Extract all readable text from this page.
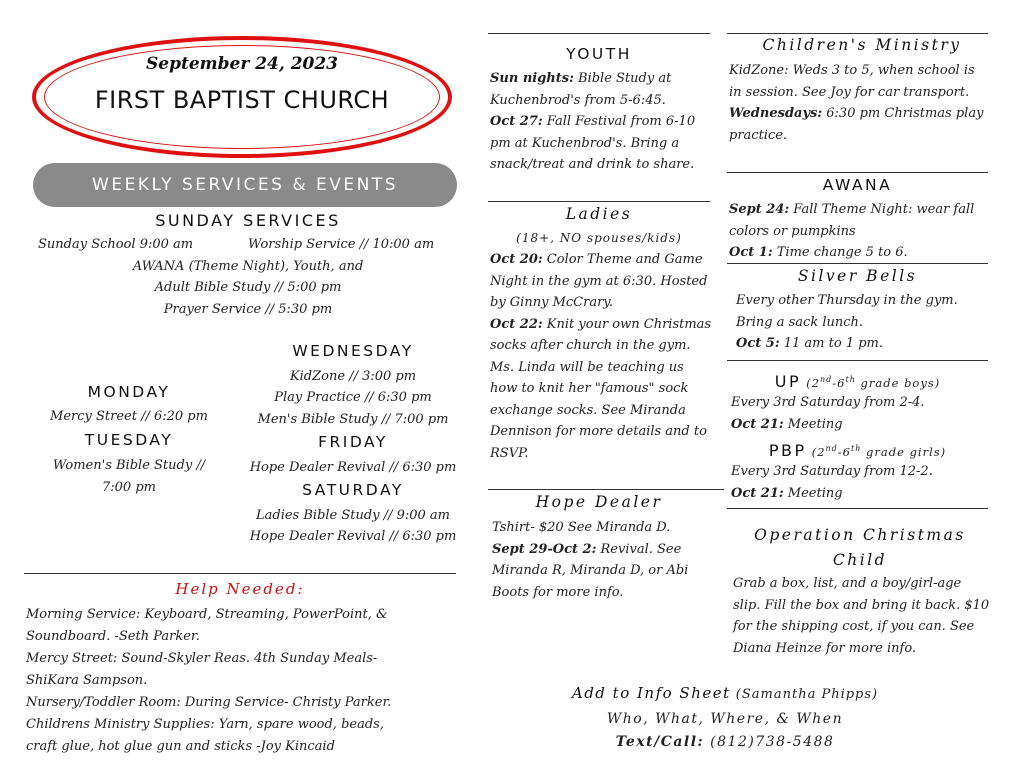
September 24, 2023
FIRST BAPTIST CHURCH
WEEKLY SERVICES & EVENTS
SUNDAY SERVICES
Sunday School 9:00 am	Worship Service // 10:00 am
AWANA (Theme Night), Youth, and
Adult Bible Study // 5:00 pm
Prayer Service // 5:30 pm
MONDAY
Mercy Street // 6:20 pm
TUESDAY
Women's Bible Study //
7:00 pm
WEDNESDAY
KidZone // 3:00 pm
Play Practice // 6:30 pm
Men's Bible Study // 7:00 pm
FRIDAY
Hope Dealer Revival // 6:30 pm
SATURDAY
Ladies Bible Study // 9:00 am
Hope Dealer Revival // 6:30 pm
Help Needed:
Morning Service: Keyboard, Streaming, PowerPoint, &
Soundboard. -Seth Parker.
Mercy Street: Sound-Skyler Reas. 4th Sunday Meals-
ShiKara Sampson.
Nursery/Toddler Room: During Service- Christy Parker.
Childrens Ministry Supplies: Yarn, spare wood, beads,
craft glue, hot glue gun and sticks -Joy Kincaid
YOUTH

Sun nights: Bible Study at Kuchenbrod's from 5-6:45.

Oct 27: Fall Festival from 6-10 pm at Kuchenbrod's. Bring a snack/treat and drink to share.

Ladies
(18+, NO spouses/kids)

Oct 20: Color Theme and Game Night in the gym at 6:30. Hosted by Ginny McCrary.

Oct 22: Knit your own Christmas socks after church in the gym. Ms. Linda will be teaching us how to knit her "famous" sock exchange socks. See Miranda Dennison for more details and to RSVP.

Hope Dealer

Tshirt- $20 See Miranda D.

Sept 29-Oct 2: Revival. See Miranda R, Miranda D, or Abi Boots for more info.

Children's Ministry

KidZone: Weds 3 to 5, when school is in session. See Joy for car transport.

Wednesdays: 6:30 pm Christmas play practice.

AWANA

Sept 24: Fall Theme Night: wear fall colors or pumpkins

Oct 1: Time change 5 to 6.

Silver Bells

Every other Thursday in the gym. Bring a sack lunch.

Oct 5: 11 am to 1 pm.

UP (2nd-6th grade boys)

Every 3rd Saturday from 2-4.

Oct 21: Meeting

PBP (2nd-6th grade girls)

Every 3rd Saturday from 12-2.

Oct 21: Meeting

Operation Christmas Child
Grab a box, list, and a boy/girl-age slip. Fill the box and bring it back. $10 for the shipping cost, if you can. See Diana Heinze for more info.
Add to Info Sheet (Samantha Phipps)
Who, What, Where, & When
Text/Call: (812)738-5488
